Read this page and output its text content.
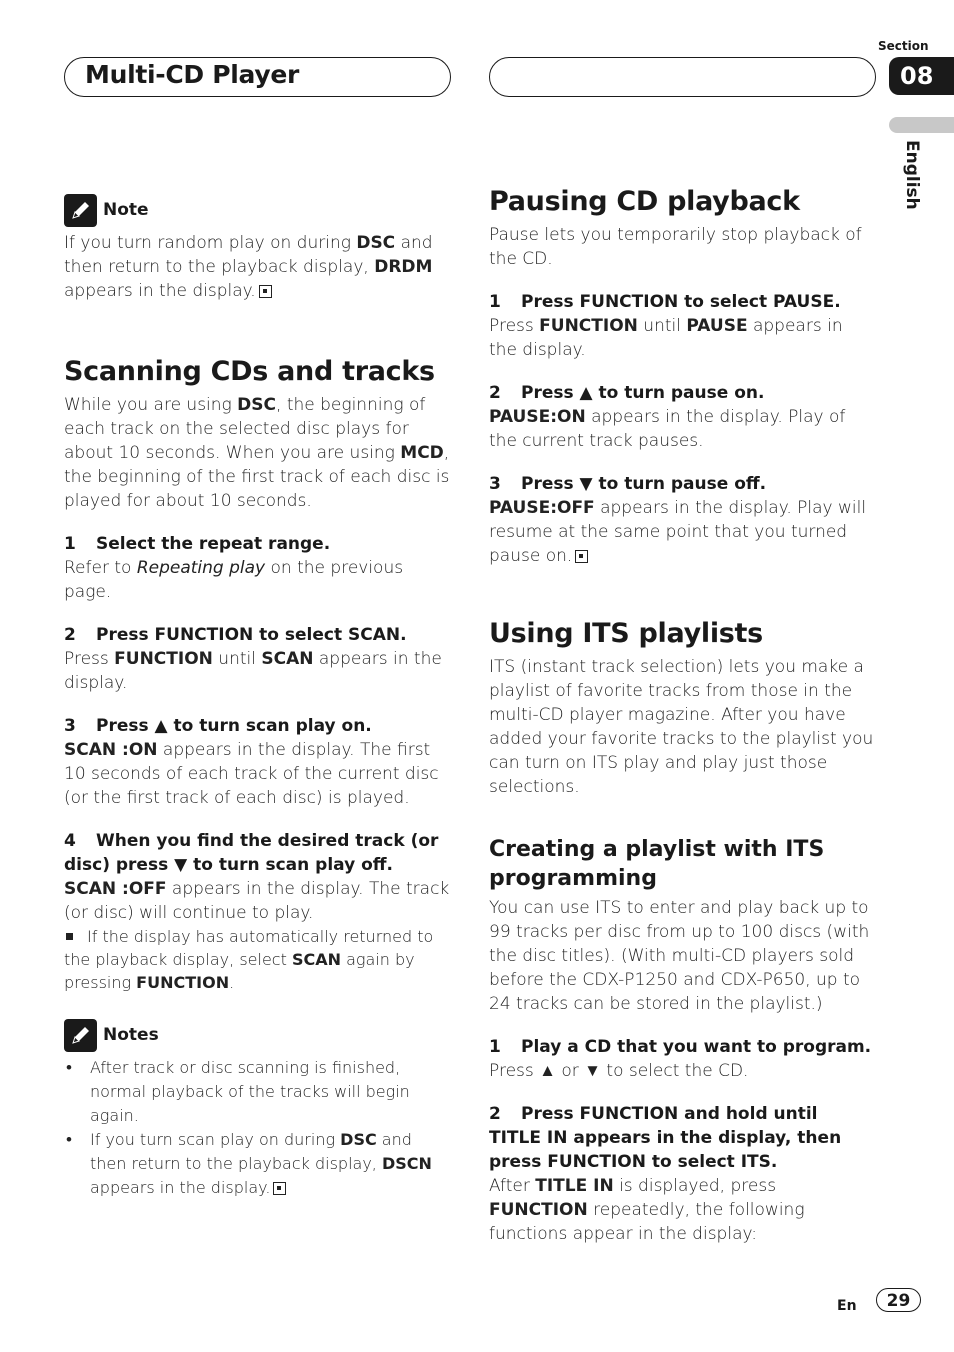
Multi-CD Player
Section
08
English
Note

If you turn random play on during DSC and then return to the playback display, DRDM appears in the display.

Scanning CDs and tracks

While you are using DSC, the beginning of each track on the selected disc plays for about 10 seconds. When you are using MCD, the beginning of the first track of each disc is played for about 10 seconds.

1 Select the repeat range.

Refer to Repeating play on the previous page.

2 Press FUNCTION to select SCAN.

Press FUNCTION until SCAN appears in the display.

3 Press ▲ to turn scan play on.

SCAN :ON appears in the display. The first 10 seconds of each track of the current disc (or the first track of each disc) is played.

4 When you find the desired track (or
disc) press ▼ to turn scan play off.

SCAN :OFF appears in the display. The track (or disc) will continue to play.

If the display has automatically returned to the playback display, select SCAN again by pressing FUNCTION.

Notes
• After track or disc scanning is finished, normal playback of the tracks will begin again.

• If you turn scan play on during DSC and then return to the playback display, DSCN appears in the display.

Pausing CD playback

Pause lets you temporarily stop playback of the CD.

1 Press FUNCTION to select PAUSE.

Press FUNCTION until PAUSE appears in the display.

2 Press ▲ to turn pause on.

PAUSE:ON appears in the display. Play of the current track pauses.

3 Press ▼ to turn pause off.

PAUSE:OFF appears in the display. Play will resume at the same point that you turned pause on.

Using ITS playlists

ITS (instant track selection) lets you make a playlist of favorite tracks from those in the multi-CD player magazine. After you have added your favorite tracks to the playlist you can turn on ITS play and play just those selections.

Creating a playlist with ITS programming

You can use ITS to enter and play back up to 99 tracks per disc from up to 100 discs (with the disc titles). (With multi-CD players sold before the CDX-P1250 and CDX-P650, up to 24 tracks can be stored in the playlist.)

1 Play a CD that you want to program.

Press ▲ or ▼ to select the CD.

2 Press FUNCTION and hold until TITLE IN appears in the display, then press FUNCTION to select ITS.

After TITLE IN is displayed, press FUNCTION repeatedly, the following functions appear in the display:

En	29
